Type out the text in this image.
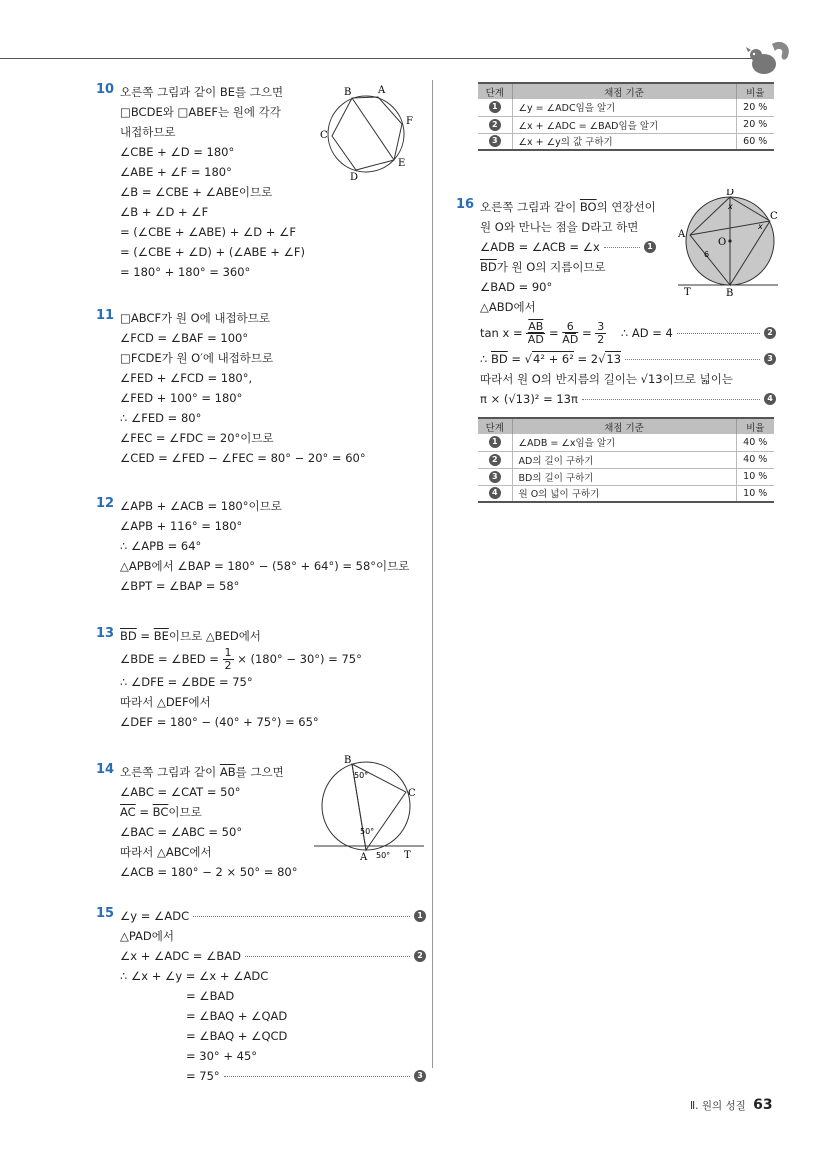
10 오른쪽 그림과 같이 BE를 그으면
□BCDE와 □ABEF는 원에 각각
내접하므로
∠CBE + ∠D = 180°
∠ABE + ∠F = 180°
∠B = ∠CBE + ∠ABE이므로
∠B + ∠D + ∠F
= (∠CBE + ∠ABE) + ∠D + ∠F
= (∠CBE + ∠D) + (∠ABE + ∠F)
= 180° + 180° = 360°
B	A
F
C
E
D
11 □ABCF가 원 O에 내접하므로
∠FCD = ∠BAF = 100°
□FCDE가 원 O′에 내접하므로
∠FED + ∠FCD = 180°,
∠FED + 100° = 180°
∴ ∠FED = 80°
∠FEC = ∠FDC = 20°이므로
∠CED = ∠FED − ∠FEC = 80° − 20° = 60°
12 ∠APB + ∠ACB = 180°이므로
∠APB + 116° = 180°
∴ ∠APB = 64°
△APB에서 ∠BAP = 180° − (58° + 64°) = 58°이므로
∠BPT = ∠BAP = 58°
13 $\overline{BD} = \overline{BE}$이므로 △BED에서
∠BDE = ∠BED = $\frac{1}{2} \times (180^\circ - 30^\circ) = 75^\circ$
∴ ∠DFE = ∠BDE = 75°
따라서 △DEF에서
∠DEF = 180° − (40° + 75°) = 65°
14 오른쪽 그림과 같이 $\overline{AB}$를 그으면
∠ABC = ∠CAT = 50°
$\overline{AC} = \overline{BC}$이므로
∠BAC = ∠ABC = 50°
따라서 △ABC에서
∠ACB = 180° − 2 × 50° = 80°
B
C
A	T
50°
50°
50°
15 ∠y = ∠ADC	1
△PAD에서
∠x + ∠ADC = ∠BAD	2
∴ ∠x + ∠y = ∠x + ∠ADC
= ∠BAD
= ∠BAQ + ∠QAD
= ∠BAQ + ∠QCD
= 30° + 45°
= 75°	3
단계	채점 기준	비율
1	∠y = ∠ADC임을 알기	20 %
2	∠x + ∠ADC = ∠BAD임을 알기	20 %
3	∠x + ∠y의 값 구하기	60 %
16 오른쪽 그림과 같이 $\overline{BO}$의 연장선이
원 O와 만나는 점을 D라고 하면
∠ADB = ∠ACB = ∠x	1
$\overline{BD}$가 원 O의 지름이므로
∠BAD = 90°
△ABD에서
$\tan x = \frac{\overline{AB}}{AD} = \frac{6}{AD} = \frac{3}{2}$ ∴ AD = 4	2
∴ $\overline{BD} = √4^2 + 6^2 = 2√13$	3
따라서 원 O의 반지름의 길이는 √13이므로 넓이는
π × (√13)² = 13π	4
D
C
A
O
6
x
x
B
T
단계	채점 기준	비율
1	∠ADB = ∠x임을 알기	40 %
2	AD의 길이 구하기	40 %
3	BD의 길이 구하기	10 %
4	원 O의 넓이 구하기	10 %
Ⅱ. 원의 성질 63
